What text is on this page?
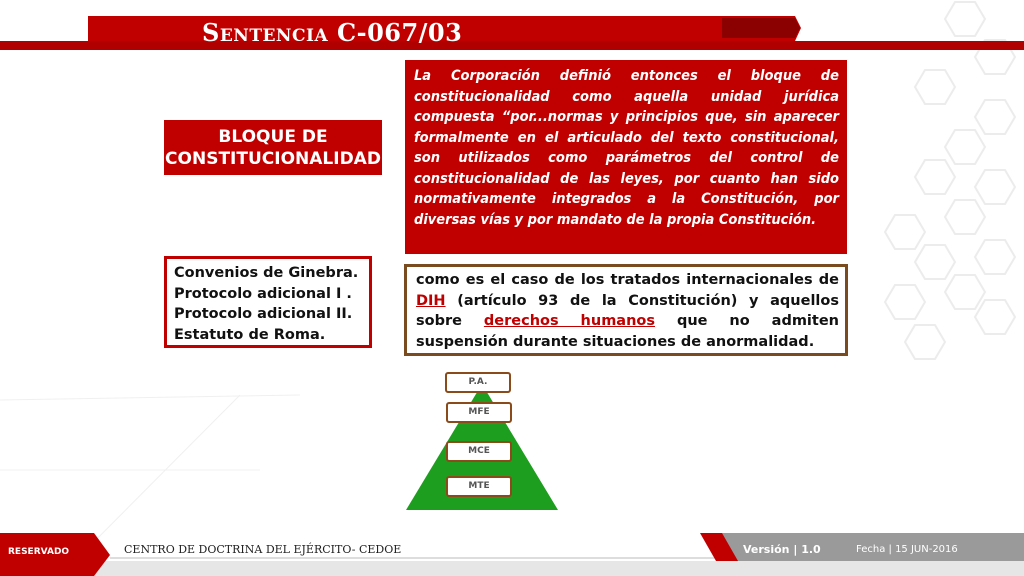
Sentencia C-067/03
BLOQUE DE
CONSTITUCIONALIDAD
La Corporación definió entonces el bloque de constitucionalidad como aquella unidad jurídica compuesta “por...normas y principios que, sin aparecer formalmente en el articulado del texto constitucional, son utilizados como parámetros del control de constitucionalidad de las leyes, por cuanto han sido normativamente integrados a la Constitución, por diversas vías y por mandato de la propia Constitución.
Convenios de Ginebra.
Protocolo adicional I .
Protocolo adicional II.
Estatuto de Roma.
como es el caso de los tratados internacionales de DIH (artículo 93 de la Constitución) y aquellos sobre derechos humanos que no admiten suspensión durante situaciones de anormalidad.
P.A.
MFE
MCE
MTE
RESERVADO	CENTRO DE DOCTRINA DEL EJÉRCITO- CEDOE	Versión | 1.0	Fecha | 15 JUN-2016
